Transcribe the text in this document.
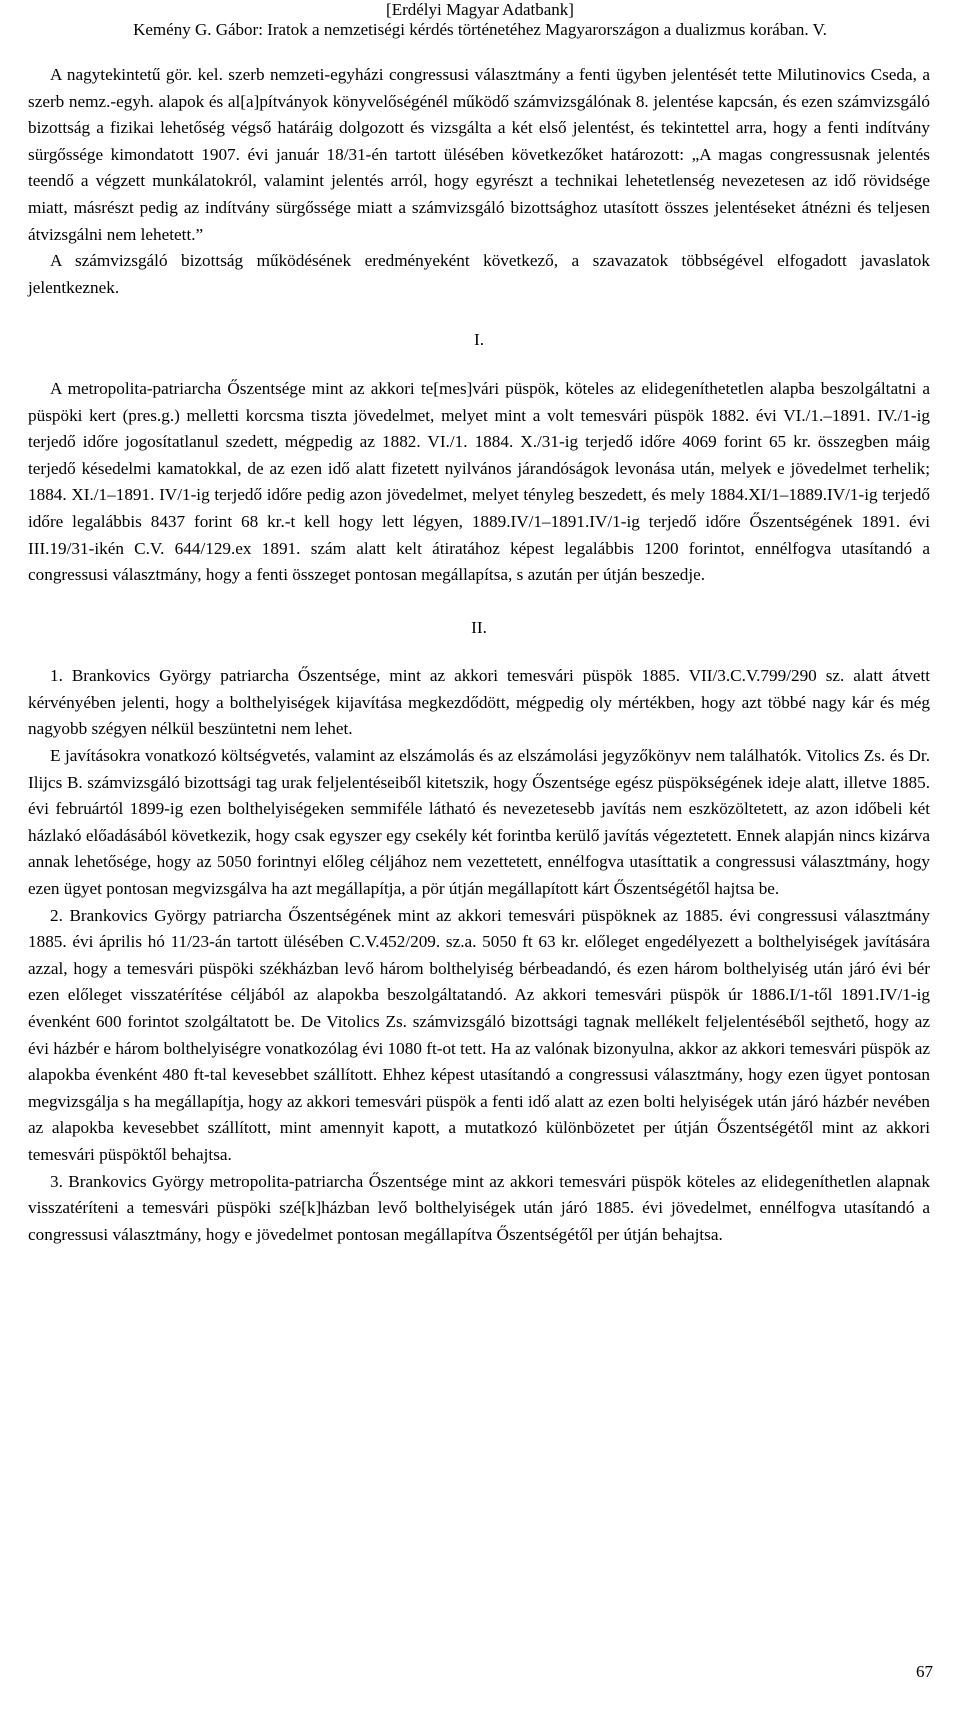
[Erdélyi Magyar Adatbank]
Kemény G. Gábor: Iratok a nemzetiségi kérdés történetéhez Magyarországon a dualizmus korában. V.

A nagytekintetű gör. kel. szerb nemzeti-egyházi congressusi választmány a fenti ügyben jelentését tette Milutinovics Cseda, a szerb nemz.-egyh. alapok és al[a]pítványok könyvelőségénél működő számvizsgálónak 8. jelentése kapcsán, és ezen számvizsgáló bizottság a fizikai lehetőség végső határáig dolgozott és vizsgálta a két első jelentést, és tekintettel arra, hogy a fenti indítvány sürgőssége kimondatott 1907. évi január 18/31-én tartott ülésében következőket határozott: „A magas congressusnak jelentés teendő a végzett munkálatokról, valamint jelentés arról, hogy egyrészt a technikai lehetetlenség nevezetesen az idő rövidsége miatt, másrészt pedig az indítvány sürgőssége miatt a számvizsgáló bizottsághoz utasított összes jelentéseket átnézni és teljesen átvizsgálni nem lehetett.”

A számvizsgáló bizottság működésének eredményeként következő, a szavazatok többségével elfogadott javaslatok jelentkeznek.

I.

A metropolita-patriarcha Őszentsége mint az akkori te[mes]vári püspök, köteles az elidegeníthetetlen alapba beszolgáltatni a püspöki kert (pres.g.) melletti korcsma tiszta jövedelmet, melyet mint a volt temesvári püspök 1882. évi VI./1.–1891. IV./1-ig terjedő időre jogosítatlanul szedett, mégpedig az 1882. VI./1. 1884. X./31-ig terjedő időre 4069 forint 65 kr. összegben máig terjedő késedelmi kamatokkal, de az ezen idő alatt fizetett nyilvános járandóságok levonása után, melyek e jövedelmet terhelik; 1884. XI./1–1891. IV/1-ig terjedő időre pedig azon jövedelmet, melyet tényleg beszedett, és mely 1884.XI/1–1889.IV/1-ig terjedő időre legalábbis 8437 forint 68 kr.-t kell hogy lett légyen, 1889.IV/1–1891.IV/1-ig terjedő időre Őszentségének 1891. évi III.19/31-ikén C.V. 644/129.ex 1891. szám alatt kelt átiratához képest legalábbis 1200 forintot, ennélfogva utasítandó a congressusi választmány, hogy a fenti összeget pontosan megállapítsa, s azután per útján beszedje.

II.

1. Brankovics György patriarcha Őszentsége, mint az akkori temesvári püspök 1885. VII/3.C.V.799/290 sz. alatt átvett kérvényében jelenti, hogy a bolthelyiségek kijavítása megkezdődött, mégpedig oly mértékben, hogy azt többé nagy kár és még nagyobb szégyen nélkül beszüntetni nem lehet.

E javításokra vonatkozó költségvetés, valamint az elszámolás és az elszámolási jegyzőkönyv nem találhatók. Vitolics Zs. és Dr. Ilijcs B. számvizsgáló bizottsági tag urak feljelentéseiből kitetszik, hogy Őszentsége egész püspökségének ideje alatt, illetve 1885. évi februártól 1899-ig ezen bolthelyiségeken semmiféle látható és nevezetesebb javítás nem eszközöltetett, az azon időbeli két házlakó előadásából következik, hogy csak egyszer egy csekély két forintba kerülő javítás végeztetett. Ennek alapján nincs kizárva annak lehetősége, hogy az 5050 forintnyi előleg céljához nem vezettetett, ennélfogva utasíttatik a congressusi választmány, hogy ezen ügyet pontosan megvizsgálva ha azt megállapítja, a pör útján megállapított kárt Őszentségétől hajtsa be.

2. Brankovics György patriarcha Őszentségének mint az akkori temesvári püspöknek az 1885. évi congressusi választmány 1885. évi április hó 11/23-án tartott ülésében C.V.452/209. sz.a. 5050 ft 63 kr. előleget engedélyezett a bolthelyiségek javítására azzal, hogy a temesvári püspöki székházban levő három bolthelyiség bérbeadandó, és ezen három bolthelyiség után járó évi bér ezen előleget visszatérítése céljából az alapokba beszolgáltatandó. Az akkori temesvári püspök úr 1886.I/1-től 1891.IV/1-ig évenként 600 forintot szolgáltatott be. De Vitolics Zs. számvizsgáló bizottsági tagnak mellékelt feljelentéséből sejthető, hogy az évi házbér e három bolthelyiségre vonatkozólag évi 1080 ft-ot tett. Ha az valónak bizonyulna, akkor az akkori temesvári püspök az alapokba évenként 480 ft-tal kevesebbet szállított. Ehhez képest utasítandó a congressusi választmány, hogy ezen ügyet pontosan megvizsgálja s ha megállapítja, hogy az akkori temesvári püspök a fenti idő alatt az ezen bolti helyiségek után járó házbér nevében az alapokba kevesebbet szállított, mint amennyit kapott, a mutatkozó különbözetet per útján Őszentségétől mint az akkori temesvári püspöktől behajtsa.

3. Brankovics György metropolita-patriarcha Őszentsége mint az akkori temesvári püspök köteles az elidegeníthetlen alapnak visszatéríteni a temesvári püspöki szé[k]házban levő bolthelyiségek után járó 1885. évi jövedelmet, ennélfogva utasítandó a congressusi választmány, hogy e jövedelmet pontosan megállapítva Őszentségétől per útján behajtsa.

67
